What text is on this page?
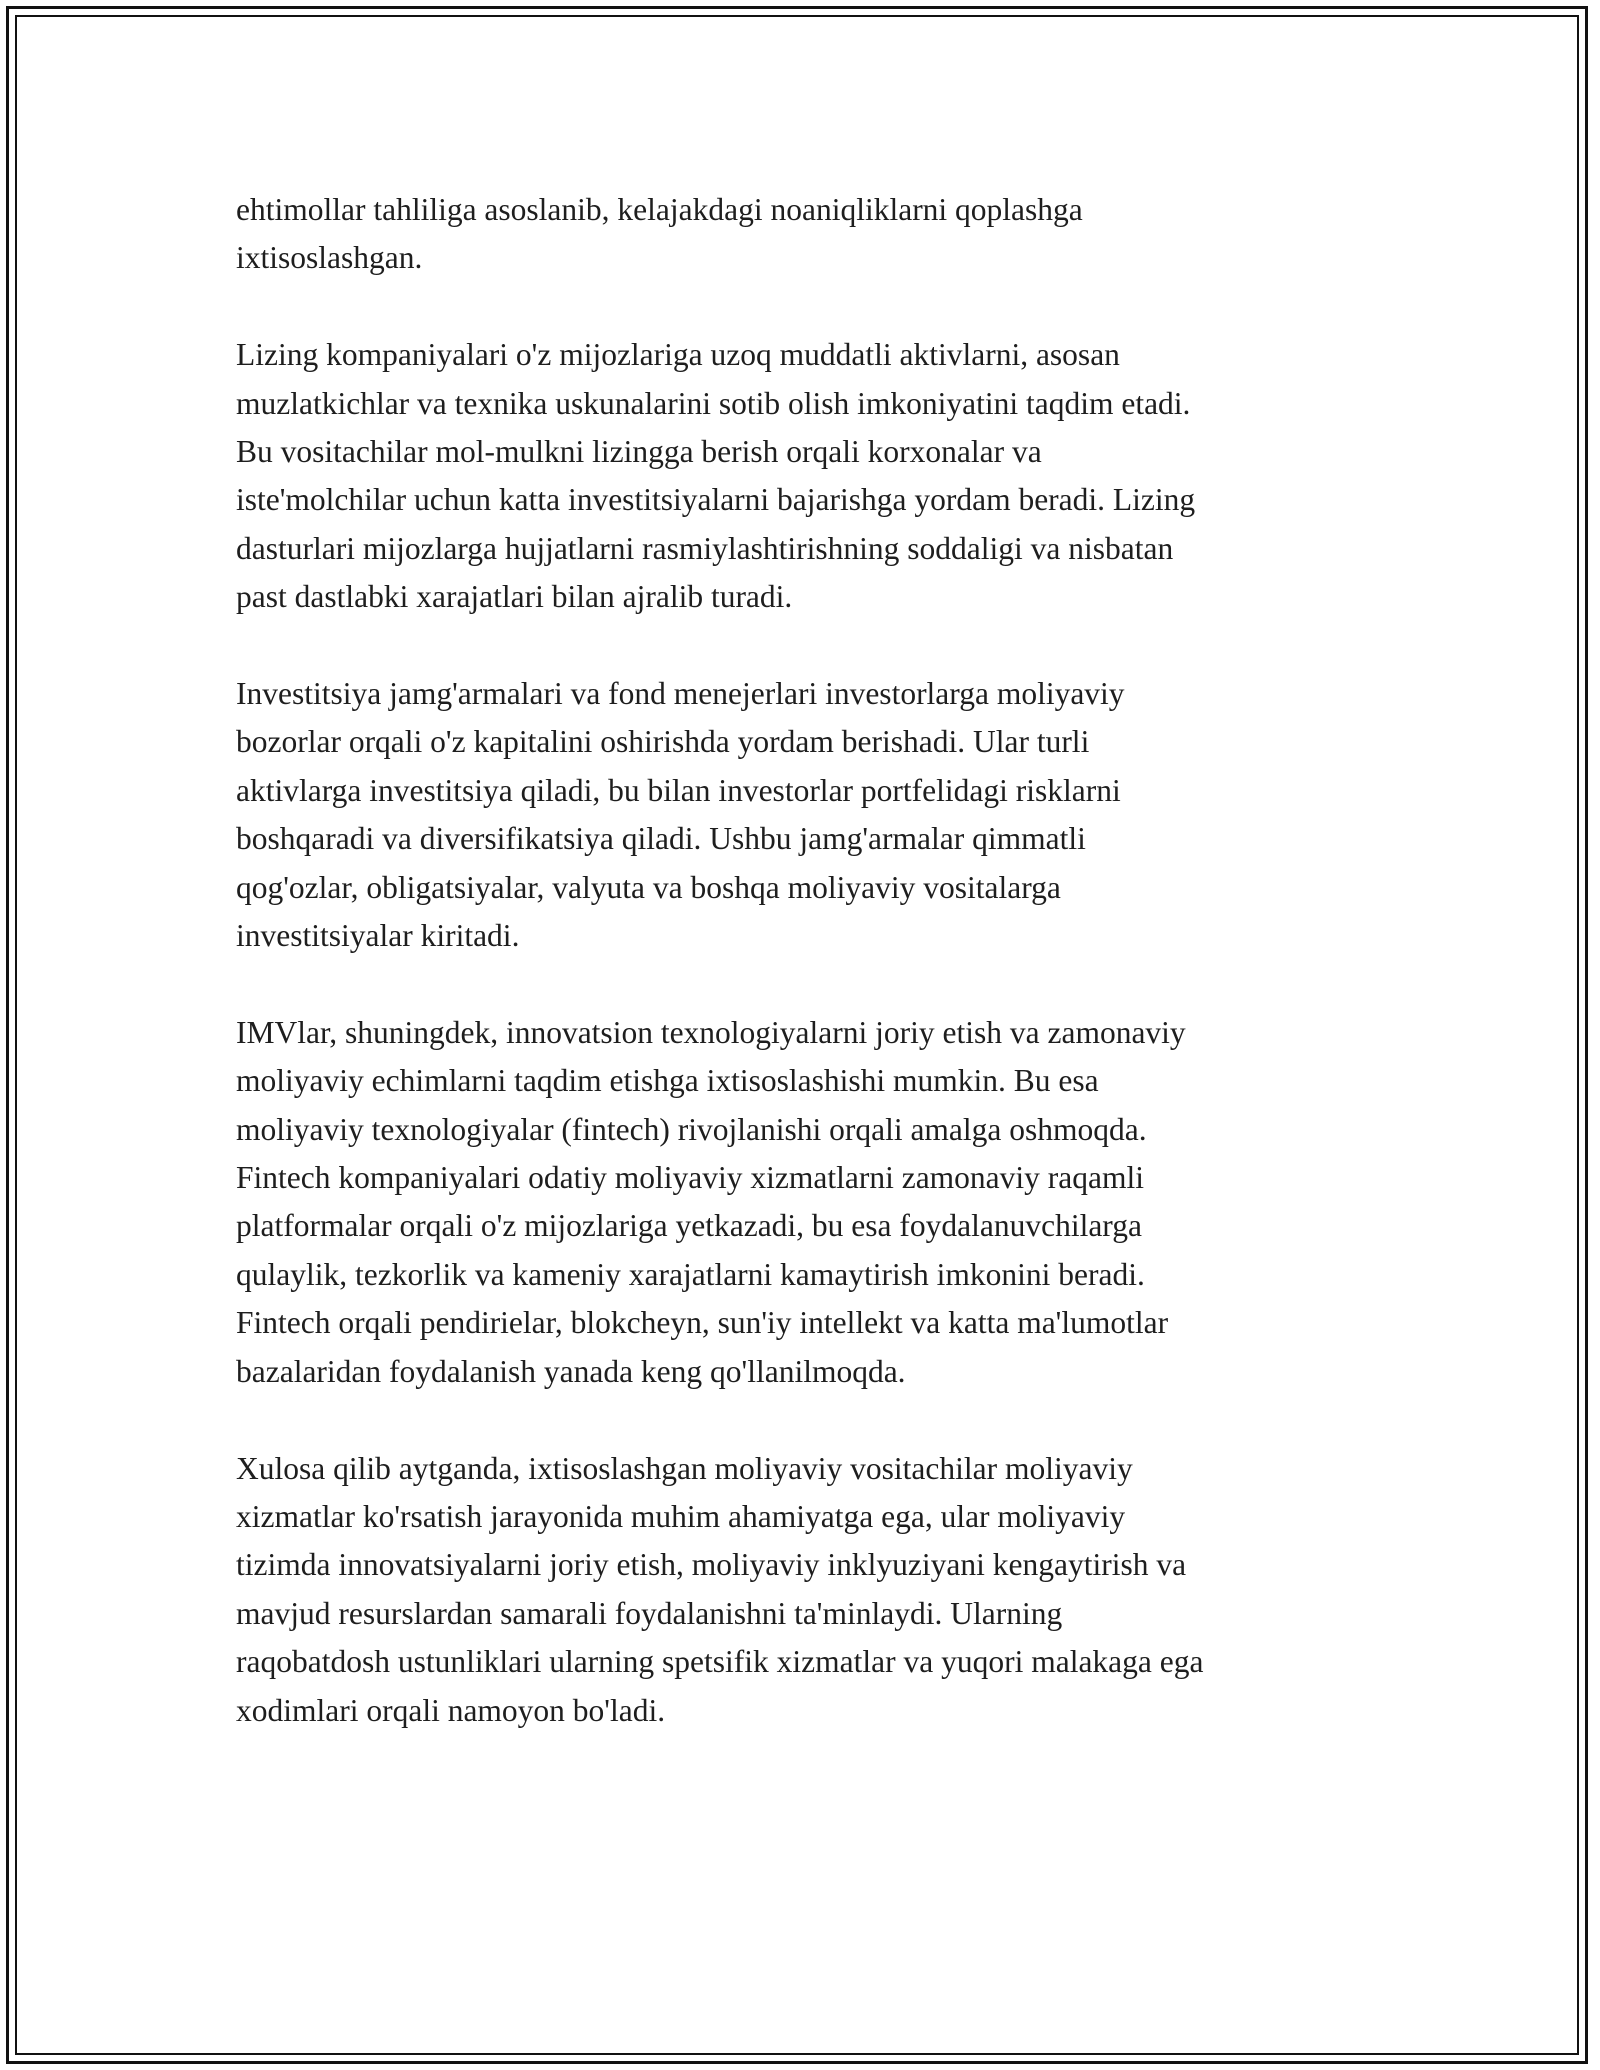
ehtimollar tahliliga asoslanib, kelajakdagi noaniqliklarni qoplashga
ixtisoslashgan.

Lizing kompaniyalari o'z mijozlariga uzoq muddatli aktivlarni, asosan
muzlatkichlar va texnika uskunalarini sotib olish imkoniyatini taqdim etadi.
Bu vositachilar mol-mulkni lizingga berish orqali korxonalar va
iste'molchilar uchun katta investitsiyalarni bajarishga yordam beradi. Lizing
dasturlari mijozlarga hujjatlarni rasmiylashtirishning soddaligi va nisbatan
past dastlabki xarajatlari bilan ajralib turadi.

Investitsiya jamg'armalari va fond menejerlari investorlarga moliyaviy
bozorlar orqali o'z kapitalini oshirishda yordam berishadi. Ular turli
aktivlarga investitsiya qiladi, bu bilan investorlar portfelidagi risklarni
boshqaradi va diversifikatsiya qiladi. Ushbu jamg'armalar qimmatli
qog'ozlar, obligatsiyalar, valyuta va boshqa moliyaviy vositalarga
investitsiyalar kiritadi.

IMVlar, shuningdek, innovatsion texnologiyalarni joriy etish va zamonaviy
moliyaviy echimlarni taqdim etishga ixtisoslashishi mumkin. Bu esa
moliyaviy texnologiyalar (fintech) rivojlanishi orqali amalga oshmoqda.
Fintech kompaniyalari odatiy moliyaviy xizmatlarni zamonaviy raqamli
platformalar orqali o'z mijozlariga yetkazadi, bu esa foydalanuvchilarga
qulaylik, tezkorlik va kameniy xarajatlarni kamaytirish imkonini beradi.
Fintech orqali pendirielar, blokcheyn, sun'iy intellekt va katta ma'lumotlar
bazalaridan foydalanish yanada keng qo'llanilmoqda.

Xulosa qilib aytganda, ixtisoslashgan moliyaviy vositachilar moliyaviy
xizmatlar ko'rsatish jarayonida muhim ahamiyatga ega, ular moliyaviy
tizimda innovatsiyalarni joriy etish, moliyaviy inklyuziyani kengaytirish va
mavjud resurslardan samarali foydalanishni ta'minlaydi. Ularning
raqobatdosh ustunliklari ularning spetsifik xizmatlar va yuqori malakaga ega
xodimlari orqali namoyon bo'ladi.
